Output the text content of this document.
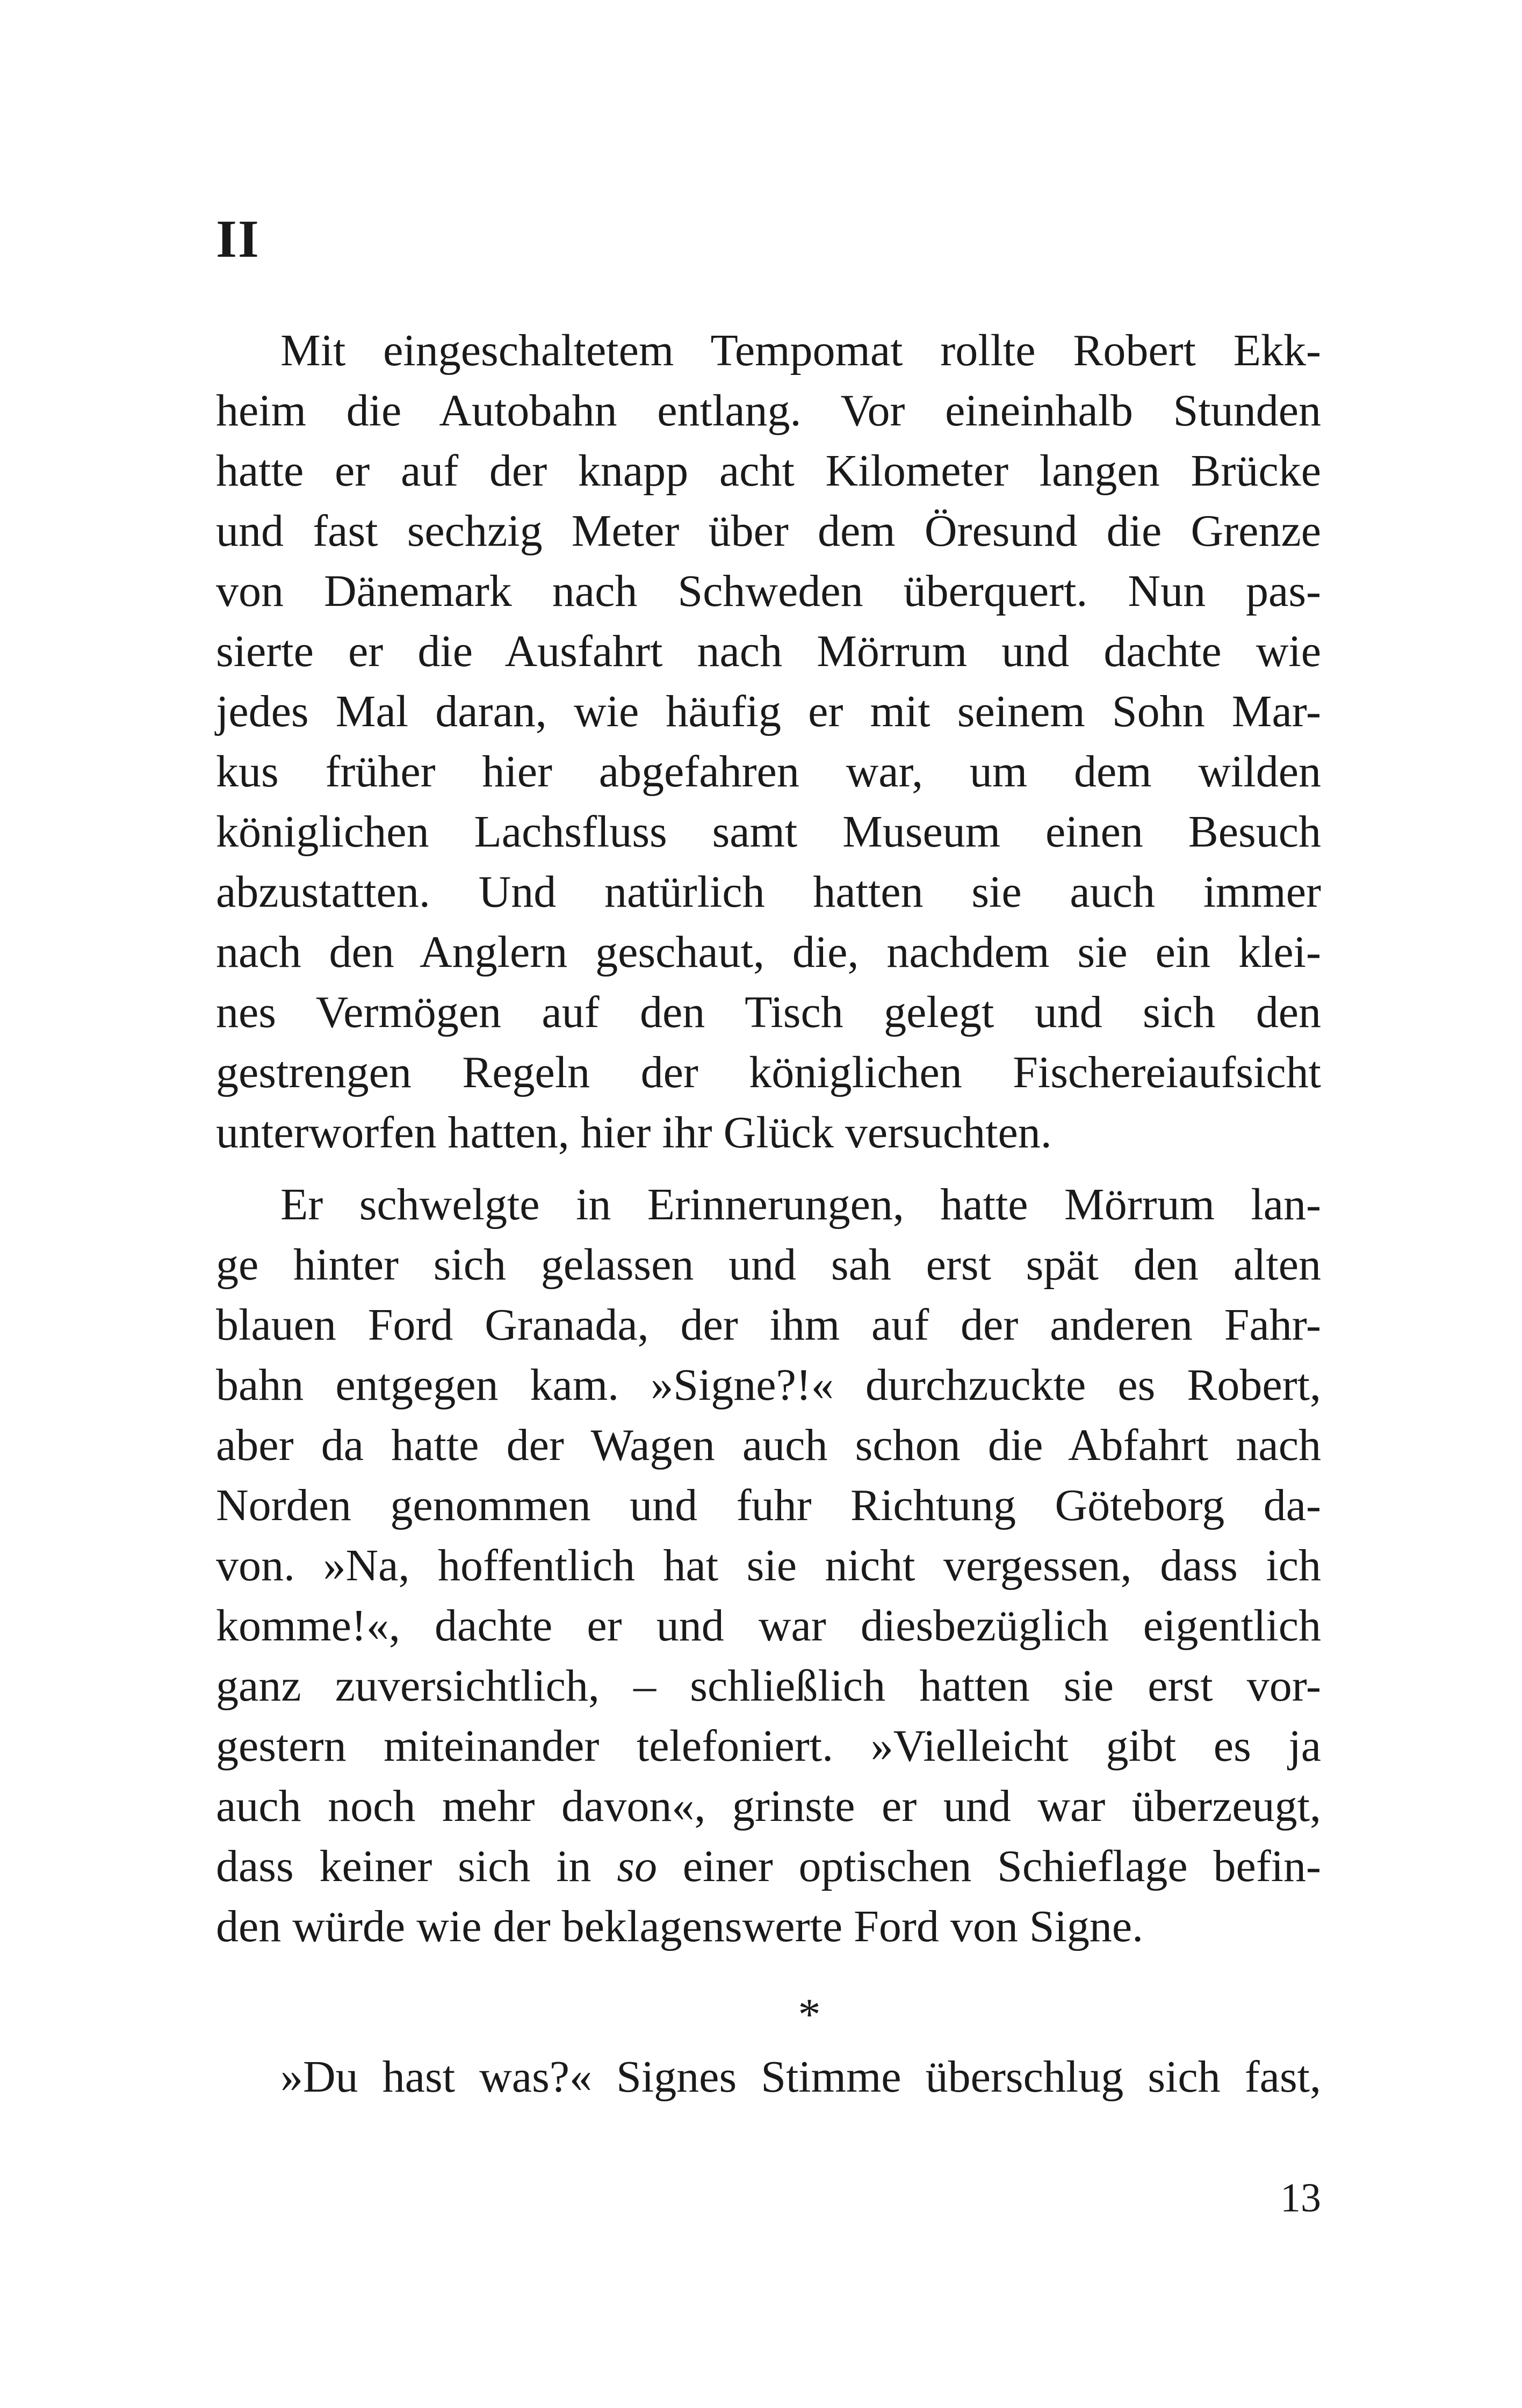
II
Mit eingeschaltetem Tempomat rollte Robert Ekk-
heim die Autobahn entlang. Vor eineinhalb Stunden
hatte er auf der knapp acht Kilometer langen Brücke
und fast sechzig Meter über dem Öresund die Grenze
von Dänemark nach Schweden überquert. Nun pas-
sierte er die Ausfahrt nach Mörrum und dachte wie
jedes Mal daran, wie häufig er mit seinem Sohn Mar-
kus früher hier abgefahren war, um dem wilden
königlichen Lachsfluss samt Museum einen Besuch
abzustatten. Und natürlich hatten sie auch immer
nach den Anglern geschaut, die, nachdem sie ein klei-
nes Vermögen auf den Tisch gelegt und sich den
gestrengen Regeln der königlichen Fischereiaufsicht
unterworfen hatten, hier ihr Glück versuchten.
Er schwelgte in Erinnerungen, hatte Mörrum lan-
ge hinter sich gelassen und sah erst spät den alten
blauen Ford Granada, der ihm auf der anderen Fahr-
bahn entgegen kam. »Signe?!« durchzuckte es Robert,
aber da hatte der Wagen auch schon die Abfahrt nach
Norden genommen und fuhr Richtung Göteborg da-
von. »Na, hoffentlich hat sie nicht vergessen, dass ich
komme!«, dachte er und war diesbezüglich eigentlich
ganz zuversichtlich, – schließlich hatten sie erst vor-
gestern miteinander telefoniert. »Vielleicht gibt es ja
auch noch mehr davon«, grinste er und war überzeugt,
dass keiner sich in so einer optischen Schieflage befin-
den würde wie der beklagenswerte Ford von Signe.
*
»Du hast was?« Signes Stimme überschlug sich fast,
13
